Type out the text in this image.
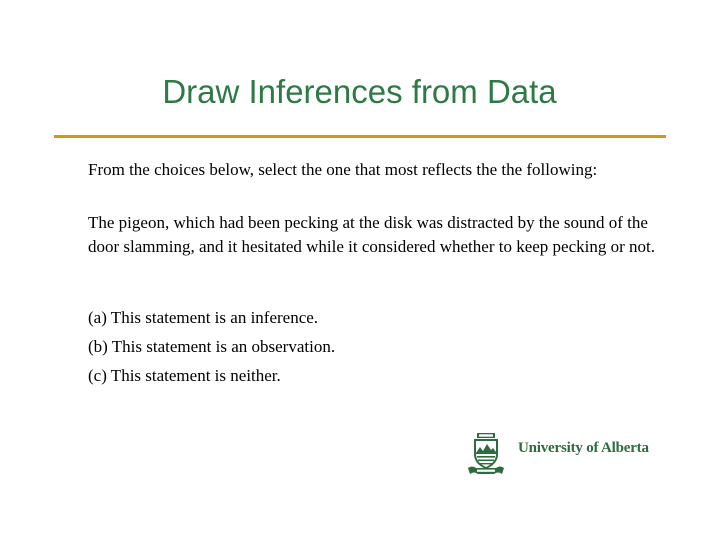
Draw Inferences from Data
From the choices below, select the one that most reflects the the following:
The pigeon, which had been pecking at the disk was distracted by the sound of the door slamming, and it hesitated while it considered whether to keep pecking or not.
(a) This statement is an inference.
(b) This statement is an observation.
(c) This statement is neither.
University of Alberta
